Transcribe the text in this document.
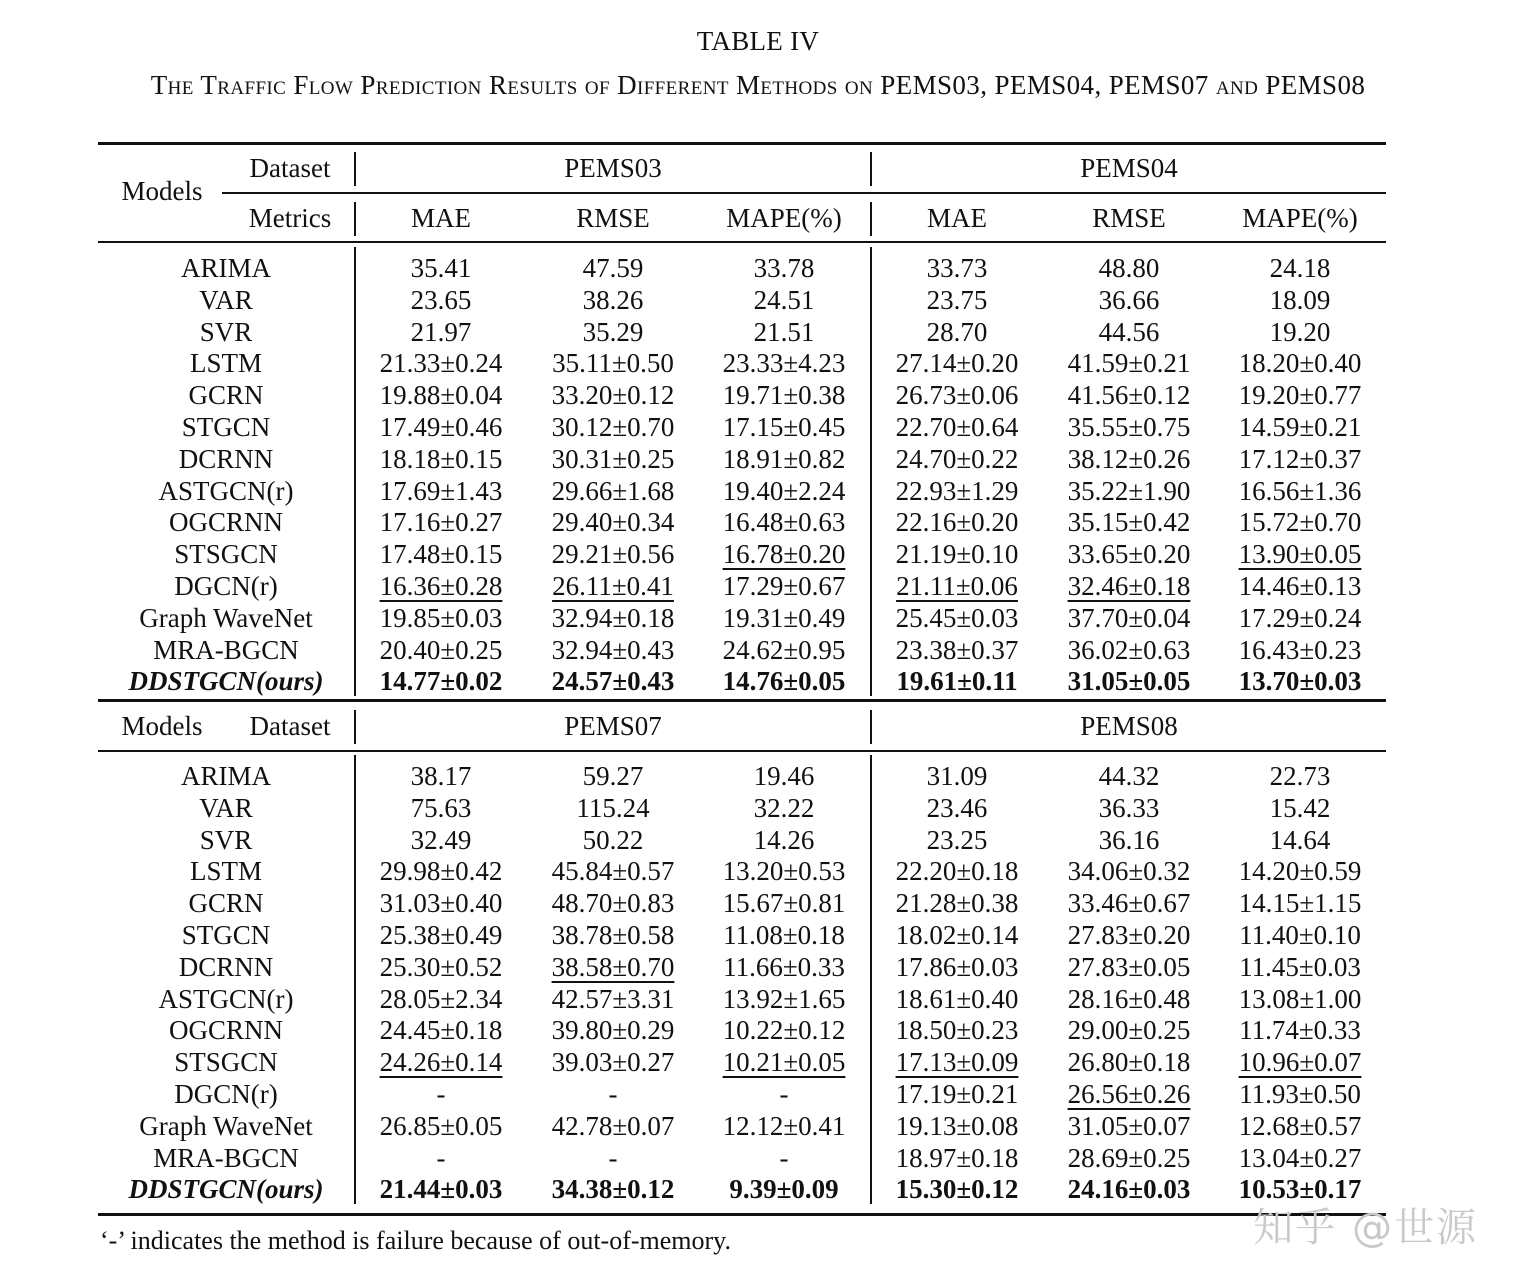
TABLE IV
The Traffic Flow Prediction Results of Different Methods on PEMS03, PEMS04, PEMS07 and PEMS08
Models
Dataset
Metrics
PEMS03	PEMS04
MAE	RMSE	MAPE(%)	MAE	RMSE	MAPE(%)
ARIMA	35.41	47.59	33.78	33.73	48.80	24.18
VAR	23.65	38.26	24.51	23.75	36.66	18.09
SVR	21.97	35.29	21.51	28.70	44.56	19.20
LSTM	21.33±0.24 35.11±0.50 23.33±4.23 27.14±0.20 41.59±0.21 18.20±0.40
GCRN	19.88±0.04 33.20±0.12 19.71±0.38 26.73±0.06 41.56±0.12 19.20±0.77
STGCN	17.49±0.46 30.12±0.70 17.15±0.45 22.70±0.64 35.55±0.75 14.59±0.21
DCRNN	18.18±0.15 30.31±0.25 18.91±0.82 24.70±0.22 38.12±0.26 17.12±0.37
ASTGCN(r)	17.69±1.43 29.66±1.68 19.40±2.24 22.93±1.29 35.22±1.90 16.56±1.36
OGCRNN	17.16±0.27 29.40±0.34 16.48±0.63 22.16±0.20 35.15±0.42 15.72±0.70
STSGCN	17.48±0.15 29.21±0.56 16.78±0.20 21.19±0.10 33.65±0.20 13.90±0.05
DGCN(r)	16.36±0.28 26.11±0.41 17.29±0.67 21.11±0.06 32.46±0.18 14.46±0.13
Graph WaveNet 19.85±0.03 32.94±0.18 19.31±0.49 25.45±0.03 37.70±0.04 17.29±0.24
MRA-BGCN	20.40±0.25 32.94±0.43 24.62±0.95 23.38±0.37 36.02±0.63 16.43±0.23
DDSTGCN(ours) 14.77±0.02 24.57±0.43 14.76±0.05 19.61±0.11 31.05±0.05 13.70±0.03
Models Dataset	PEMS07	PEMS08
ARIMA	38.17	59.27	19.46	31.09	44.32	22.73
VAR	75.63	115.24	32.22	23.46	36.33	15.42
SVR	32.49	50.22	14.26	23.25	36.16	14.64
LSTM	29.98±0.42 45.84±0.57 13.20±0.53 22.20±0.18 34.06±0.32 14.20±0.59
GCRN	31.03±0.40 48.70±0.83 15.67±0.81 21.28±0.38 33.46±0.67 14.15±1.15
STGCN	25.38±0.49 38.78±0.58 11.08±0.18 18.02±0.14 27.83±0.20 11.40±0.10
DCRNN	25.30±0.52 38.58±0.70 11.66±0.33 17.86±0.03 27.83±0.05 11.45±0.03
ASTGCN(r)	28.05±2.34 42.57±3.31 13.92±1.65 18.61±0.40 28.16±0.48 13.08±1.00
OGCRNN	24.45±0.18 39.80±0.29 10.22±0.12 18.50±0.23 29.00±0.25 11.74±0.33
STSGCN	24.26±0.14 39.03±0.27 10.21±0.05 17.13±0.09 26.80±0.18 10.96±0.07
DGCN(r)	-	-	-	17.19±0.21 26.56±0.26 11.93±0.50
Graph WaveNet 26.85±0.05 42.78±0.07 12.12±0.41 19.13±0.08 31.05±0.07 12.68±0.57
MRA-BGCN	-	-	-	18.97±0.18 28.69±0.25 13.04±0.27
DDSTGCN(ours) 21.44±0.03 34.38±0.12 9.39±0.09 15.30±0.12 24.16±0.03 10.53±0.17
‘-’ indicates the method is failure because of out-of-memory.	知乎 @世源
